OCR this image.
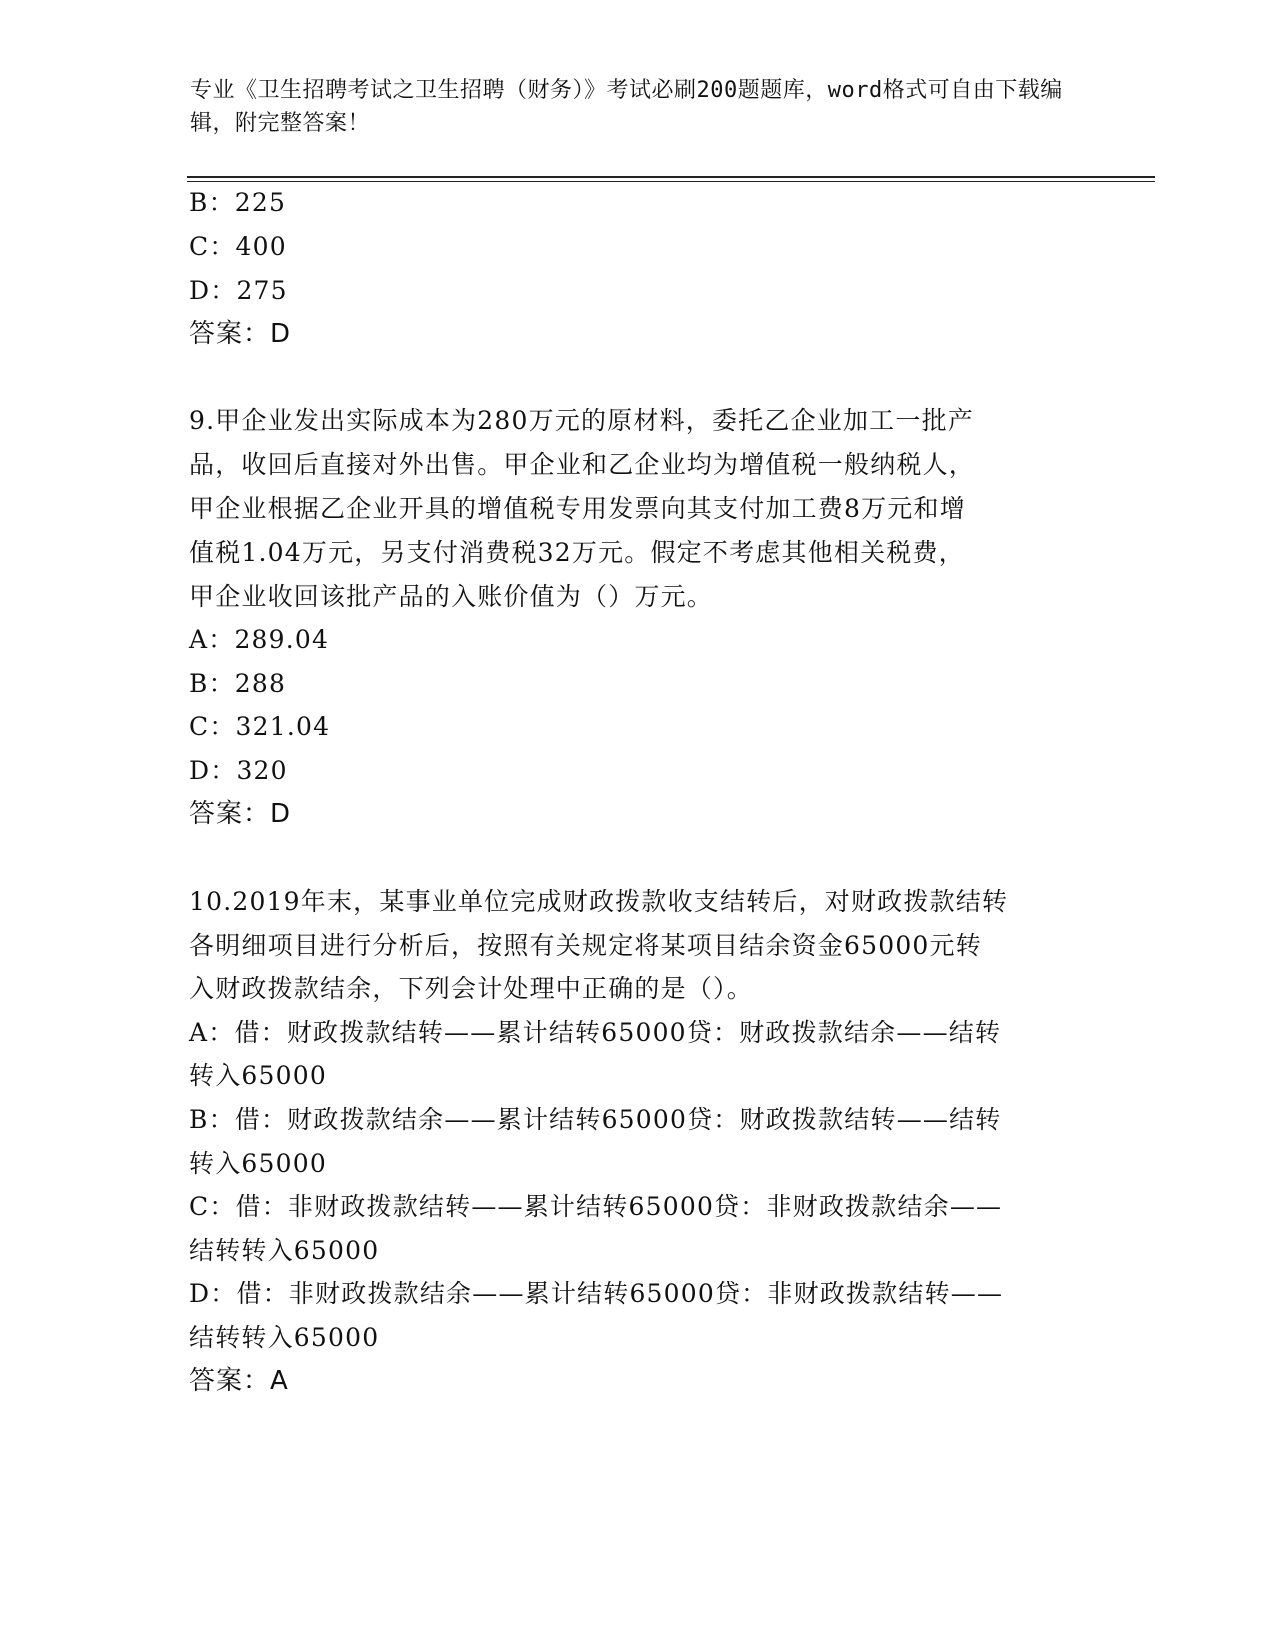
专业《卫生招聘考试之卫生招聘（财务）》考试必刷200题题库，word格式可自由下载编辑，附完整答案！
B：225
C：400
D：275
答案：D
9.甲企业发出实际成本为280万元的原材料，委托乙企业加工一批产
品，收回后直接对外出售。甲企业和乙企业均为增值税一般纳税人，
甲企业根据乙企业开具的增值税专用发票向其支付加工费8万元和增
值税1.04万元，另支付消费税32万元。假定不考虑其他相关税费，
甲企业收回该批产品的入账价值为（）万元。
A：289.04
B：288
C：321.04
D：320
答案：D
10.2019年末，某事业单位完成财政拨款收支结转后，对财政拨款结转
各明细项目进行分析后，按照有关规定将某项目结余资金65000元转
入财政拨款结余，下列会计处理中正确的是（）。
A：借：财政拨款结转——累计结转65000贷：财政拨款结余——结转
转入65000
B：借：财政拨款结余——累计结转65000贷：财政拨款结转——结转
转入65000
C：借：非财政拨款结转——累计结转65000贷：非财政拨款结余——
结转转入65000
D：借：非财政拨款结余——累计结转65000贷：非财政拨款结转——
结转转入65000
答案：A
